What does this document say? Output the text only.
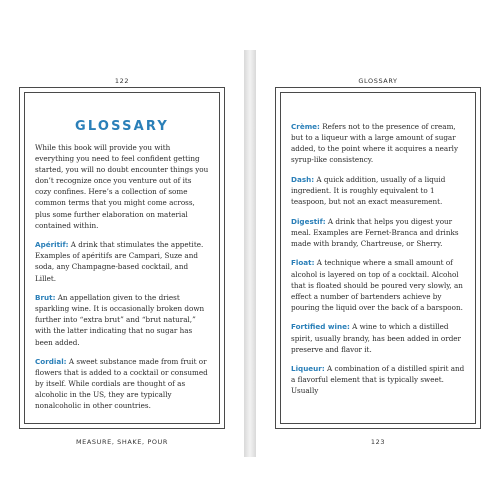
122
GLOSSARY

While this book will provide you with everything you need to feel confident getting started, you will no doubt encounter things you don’t recognize once you venture out of its cozy confines. Here’s a collection of some common terms that you might come across, plus some further elaboration on material contained within.

Apéritif: A drink that stimulates the appetite. Examples of apéritifs are Campari, Suze and soda, any Champagne-based cocktail, and Lillet.

Brut: An appellation given to the driest sparkling wine. It is occasionally broken down further into “extra brut” and “brut natural,” with the latter indicating that no sugar has been added.

Cordial: A sweet substance made from fruit or flowers that is added to a cocktail or consumed by itself. While cordials are thought of as alcoholic in the US, they are typically nonalcoholic in other countries.

MEASURE, SHAKE, POUR
GLOSSARY

Crème: Refers not to the presence of cream, but to a liqueur with a large amount of sugar added, to the point where it acquires a nearly syrup-like consistency.

Dash: A quick addition, usually of a liquid ingredient. It is roughly equivalent to 1 teaspoon, but not an exact measurement.

Digestif: A drink that helps you digest your meal. Examples are Fernet-Branca and drinks made with brandy, Chartreuse, or Sherry.

Float: A technique where a small amount of alcohol is layered on top of a cocktail. Alcohol that is floated should be poured very slowly, an effect a number of bartenders achieve by pouring the liquid over the back of a barspoon.

Fortified wine: A wine to which a distilled spirit, usually brandy, has been added in order preserve and flavor it.

Liqueur: A combination of a distilled spirit and a flavorful element that is typically sweet. Usually

123
